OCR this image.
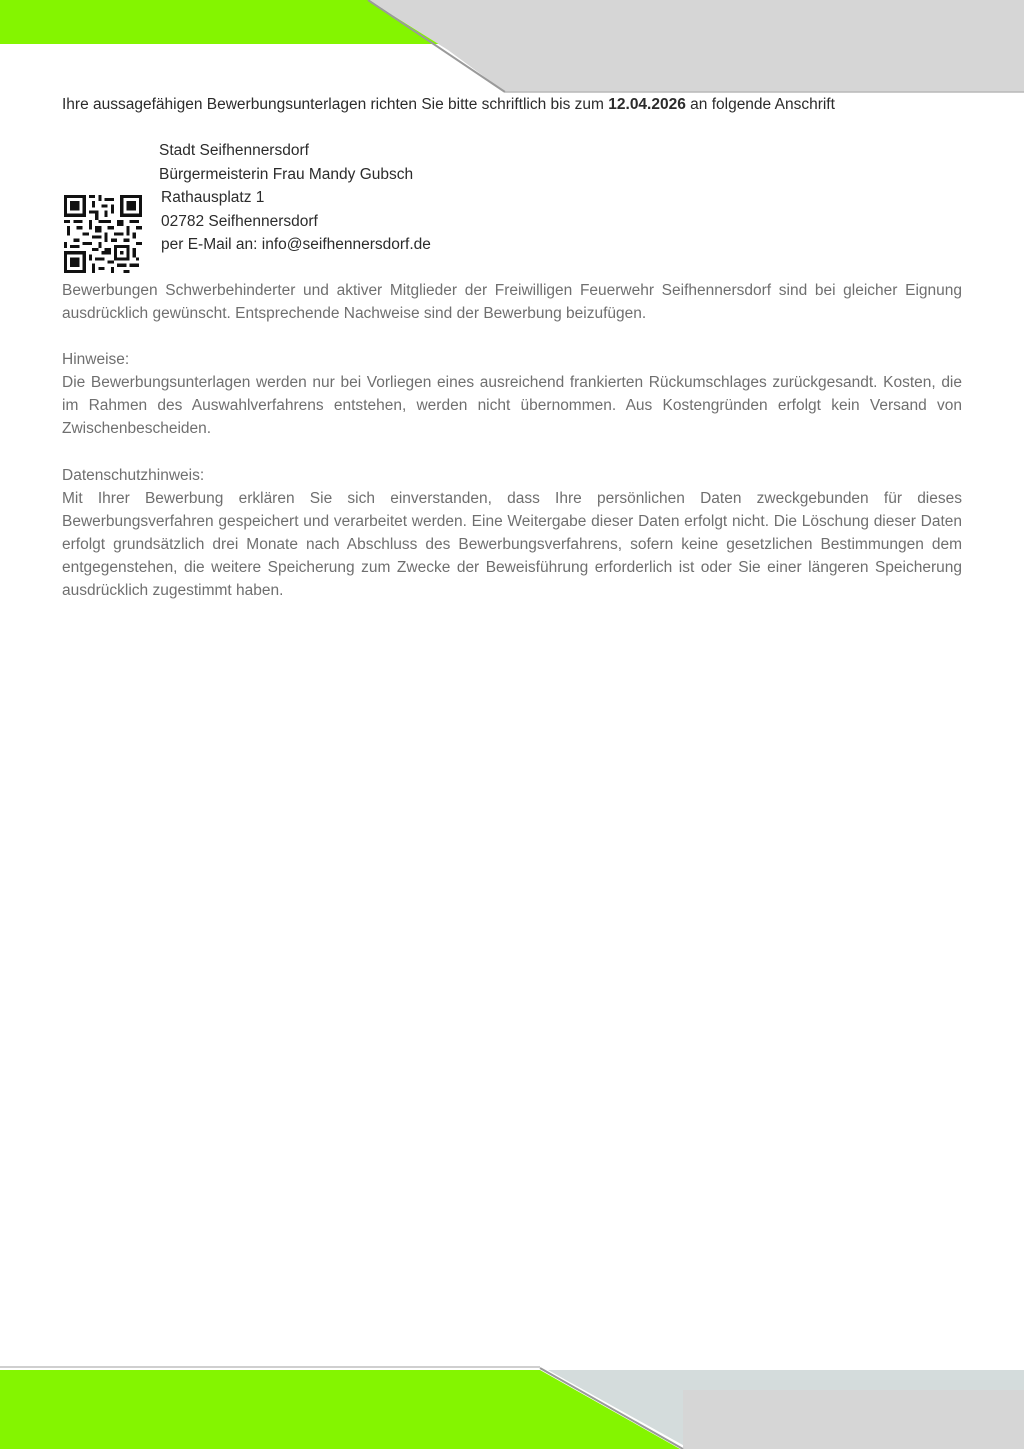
Ihre aussagefähigen Bewerbungsunterlagen richten Sie bitte schriftlich bis zum 12.04.2026 an folgende Anschrift
Stadt Seifhennersdorf
Bürgermeisterin Frau Mandy Gubsch
Rathausplatz 1
02782 Seifhennersdorf
per E-Mail an: info@seifhennersdorf.de
Bewerbungen Schwerbehinderter und aktiver Mitglieder der Freiwilligen Feuerwehr Seifhennersdorf sind bei gleicher Eignung ausdrücklich gewünscht. Entsprechende Nachweise sind der Bewerbung beizufügen.
Hinweise:
Die Bewerbungsunterlagen werden nur bei Vorliegen eines ausreichend frankierten Rückumschlages zurückgesandt. Kosten, die im Rahmen des Auswahlverfahrens entstehen, werden nicht übernommen. Aus Kostengründen erfolgt kein Versand von Zwischenbescheiden.
Datenschutzhinweis:
Mit Ihrer Bewerbung erklären Sie sich einverstanden, dass Ihre persönlichen Daten zweckgebunden für dieses Bewerbungsverfahren gespeichert und verarbeitet werden. Eine Weitergabe dieser Daten erfolgt nicht. Die Löschung dieser Daten erfolgt grundsätzlich drei Monate nach Abschluss des Bewerbungsverfahrens, sofern keine gesetzlichen Bestimmungen dem entgegenstehen, die weitere Speicherung zum Zwecke der Beweisführung erforderlich ist oder Sie einer längeren Speicherung ausdrücklich zugestimmt haben.
